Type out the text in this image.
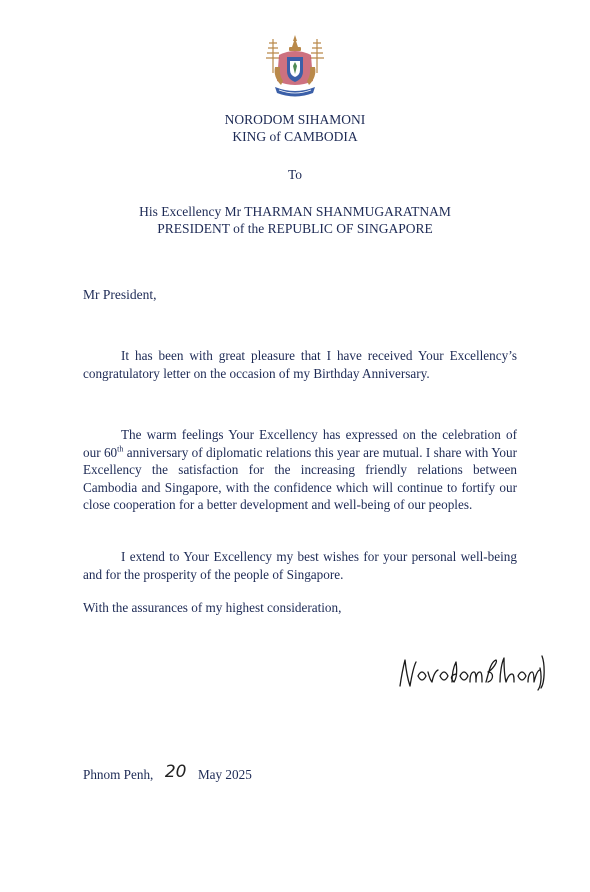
NORODOM SIHAMONI
KING of CAMBODIA
To
His Excellency Mr THARMAN SHANMUGARATNAM
PRESIDENT of the REPUBLIC OF SINGAPORE
Mr President,

It has been with great pleasure that I have received Your Excellency’s congratulatory letter on the occasion of my Birthday Anniversary.

The warm feelings Your Excellency has expressed on the celebration of our 60th anniversary of diplomatic relations this year are mutual. I share with Your Excellency the satisfaction for the increasing friendly relations between Cambodia and Singapore, with the confidence which will continue to fortify our close cooperation for a better development and well-being of our peoples.

I extend to Your Excellency my best wishes for your personal well-being and for the prosperity of the people of Singapore.

With the assurances of my highest consideration,
Phnom Penh, 20 May 2025
